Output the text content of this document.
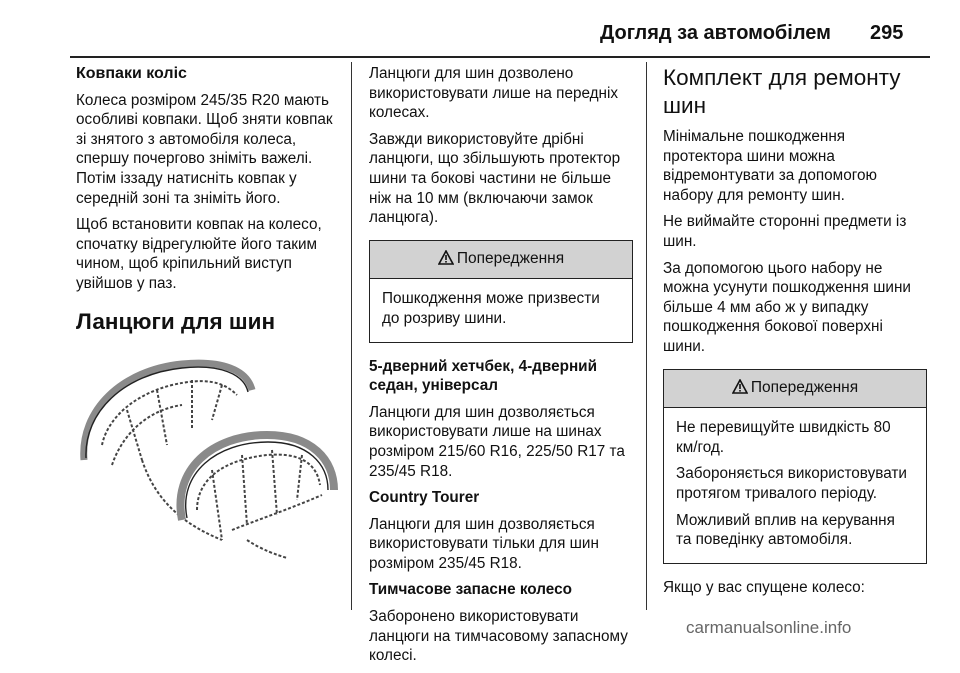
Догляд за автомобілем 295

Ковпаки коліс

Колеса розміром 245/35 R20 мають особливі ковпаки. Щоб зняти ковпак зі знятого з автомобіля колеса, спершу почергово зніміть важелі. Потім іззаду натисніть ковпак у середній зоні та зніміть його.

Щоб встановити ковпак на колесо, спочатку відрегулюйте його таким чином, щоб кріпильний виступ увійшов у паз.

Ланцюги для шин

Ланцюги для шин дозволено використовувати лише на передніх колесах.

Завжди використовуйте дрібні ланцюги, що збільшують протектор шини та бокові частини не більше ніж на 10 мм (включаючи замок ланцюга).

Попередження

Пошкодження може призвести до розриву шини.

5-дверний хетчбек, 4-дверний седан, універсал

Ланцюги для шин дозволяється використовувати лише на шинах розміром 215/60 R16, 225/50 R17 та 235/45 R18.

Country Tourer

Ланцюги для шин дозволяється використовувати тільки для шин розміром 235/45 R18.

Тимчасове запасне колесо

Заборонено використовувати ланцюги на тимчасовому запасному колесі.

Комплект для ремонту шин

Мінімальне пошкодження протектора шини можна відремонтувати за допомогою набору для ремонту шин.

Не виймайте сторонні предмети із шин.

За допомогою цього набору не можна усунути пошкодження шини більше 4 мм або ж у випадку пошкодження бокової поверхні шини.

Попередження

Не перевищуйте швидкість 80 км/год.

Забороняється використовувати протягом тривалого періоду.

Можливий вплив на керування та поведінку автомобіля.

Якщо у вас спущене колесо:

carmanualsonline.info
